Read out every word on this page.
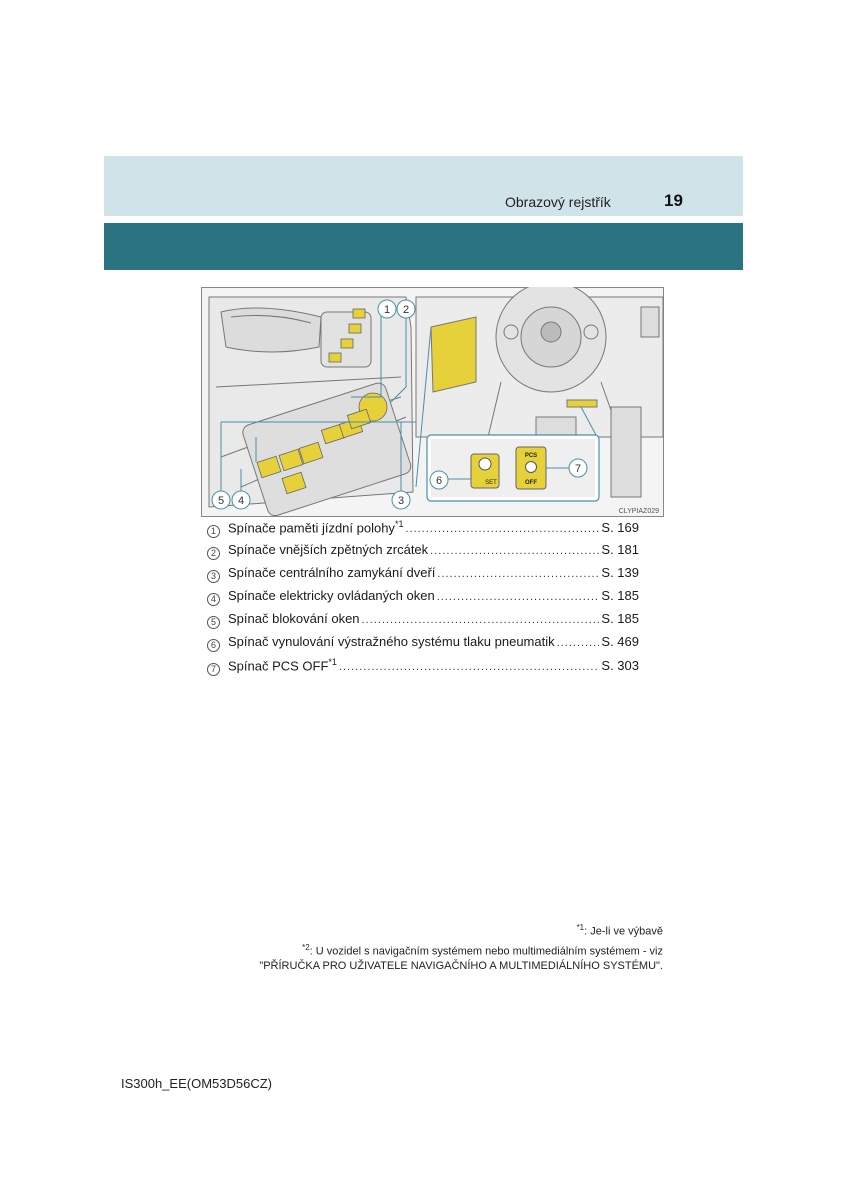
Obrazový rejstřík	19
SET
PCS
OFF
1 2
3
4
5
6
7
CLYPIAZ029
1 Spínače paměti jízdní polohy$^{*1}$ .....	S. 169
2 Spínače vnějších zpětných zrcátek .....	S. 181
3 Spínače centrálního zamykání dveří .....	S. 139
4 Spínače elektricky ovládaných oken .....	S. 185
5 Spínač blokování oken .....	S. 185
6 Spínač vynulování výstražného systému tlaku pneumatik .....	S. 469
7 Spínač PCS OFF$^{*1}$ .....	S. 303
$^{*1}$: Je-li ve výbavě
$^{*2}$: U vozidel s navigačním systémem nebo multimediálním systémem - viz
"PŘÍRUČKA PRO UŽIVATELE NAVIGAČNÍHO A MULTIMEDIÁLNÍHO SYSTÉMU".
IS300h_EE(OM53D56CZ)
